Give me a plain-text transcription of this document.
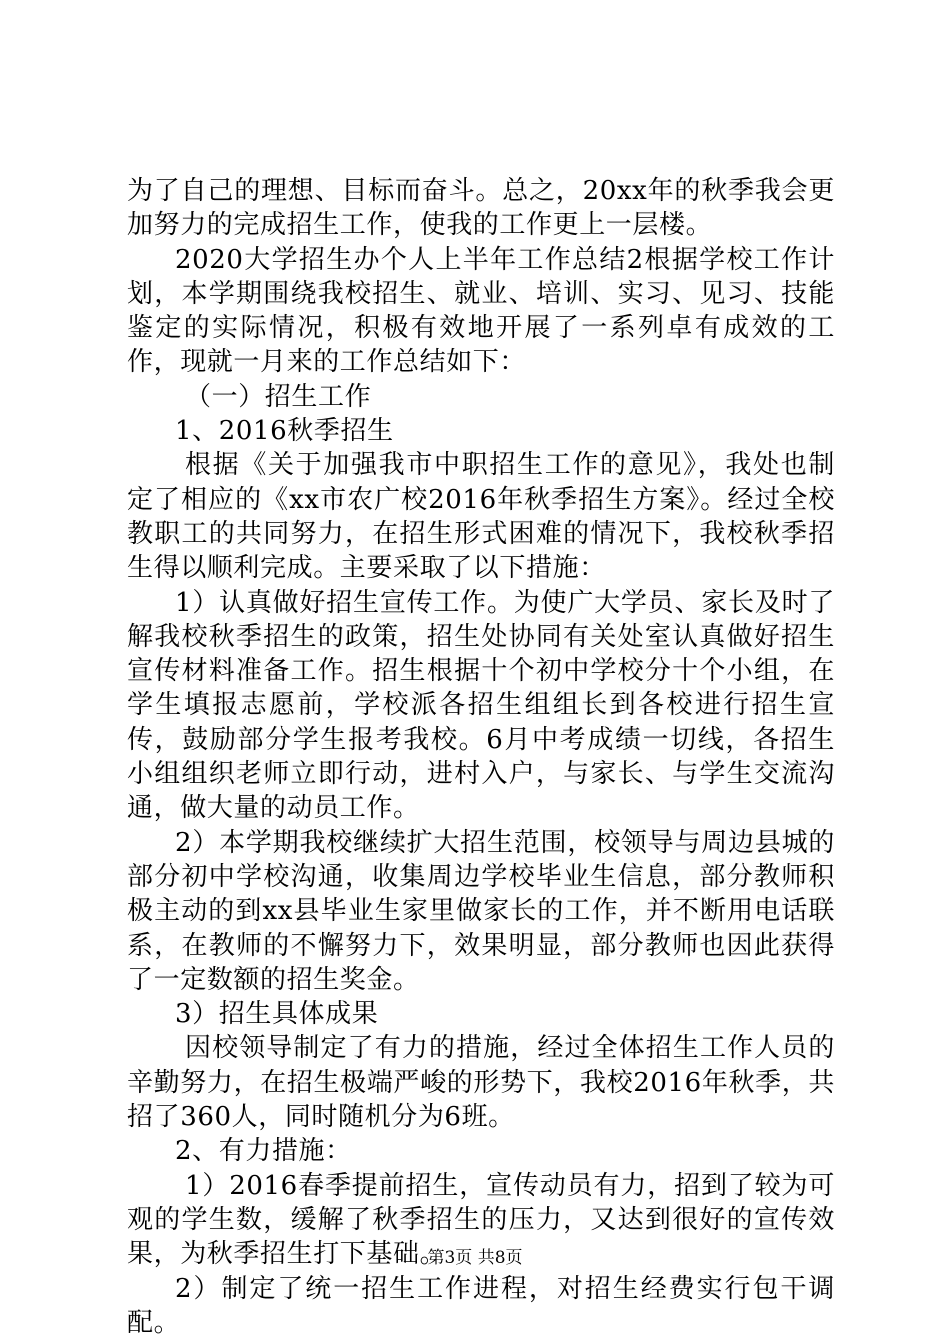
为了自己的理想、目标而奋斗。总之，20xx年的秋季我会更加努力的完成招生工作，使我的工作更上一层楼。

2020大学招生办个人上半年工作总结2根据学校工作计划，本学期围绕我校招生、就业、培训、实习、见习、技能鉴定的实际情况，积极有效地开展了一系列卓有成效的工作，现就一月来的工作总结如下：

（一）招生工作

1、2016秋季招生

根据《关于加强我市中职招生工作的意见》，我处也制定了相应的《xx市农广校2016年秋季招生方案》。经过全校教职工的共同努力，在招生形式困难的情况下，我校秋季招生得以顺利完成。主要采取了以下措施：

1）认真做好招生宣传工作。为使广大学员、家长及时了解我校秋季招生的政策，招生处协同有关处室认真做好招生宣传材料准备工作。招生根据十个初中学校分十个小组，在学生填报志愿前，学校派各招生组组长到各校进行招生宣传，鼓励部分学生报考我校。6月中考成绩一切线，各招生小组组织老师立即行动，进村入户，与家长、与学生交流沟通，做大量的动员工作。

2）本学期我校继续扩大招生范围，校领导与周边县城的部分初中学校沟通，收集周边学校毕业生信息，部分教师积极主动的到xx县毕业生家里做家长的工作，并不断用电话联系，在教师的不懈努力下，效果明显，部分教师也因此获得了一定数额的招生奖金。

3）招生具体成果

因校领导制定了有力的措施，经过全体招生工作人员的辛勤努力，在招生极端严峻的形势下，我校2016年秋季，共招了360人，同时随机分为6班。

2、有力措施：

1）2016春季提前招生，宣传动员有力，招到了较为可观的学生数，缓解了秋季招生的压力，又达到很好的宣传效果，为秋季招生打下基础。

2）制定了统一招生工作进程，对招生经费实行包干调配。

第3页 共8页
